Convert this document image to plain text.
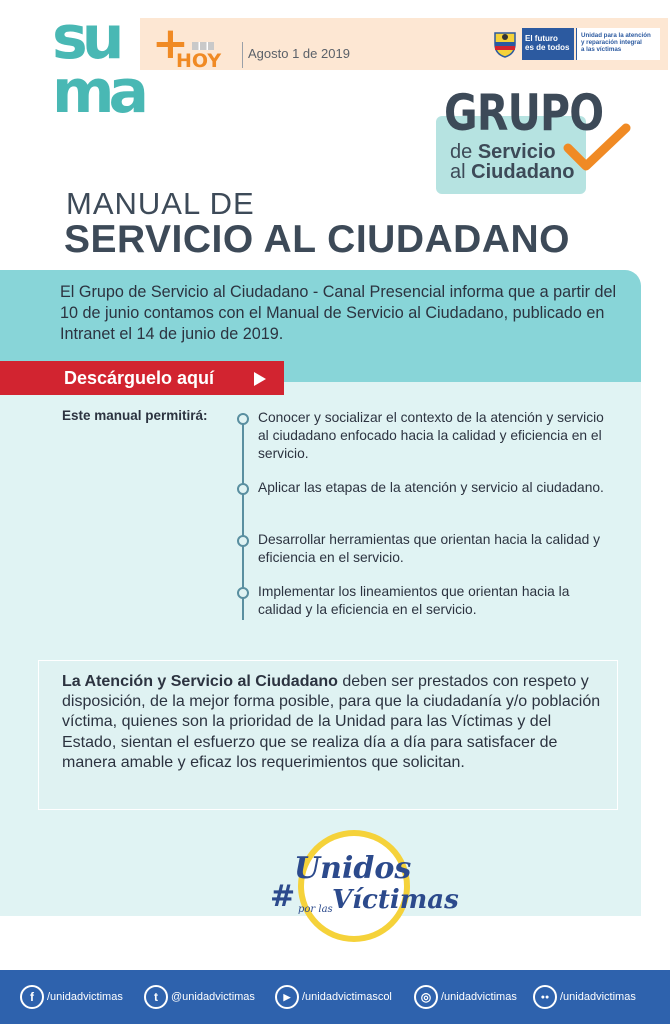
su
ma
+
HOY Agosto 1 de 2019
El futuro
es de todos
Unidad para la atención
y reparación integral
a las víctimas
GRUPO
de Servicio
al Ciudadano
MANUAL DE
SERVICIO AL CIUDADANO
El Grupo de Servicio al Ciudadano - Canal Presencial informa que a partir del 10 de junio contamos con el Manual de Servicio al Ciudadano, publicado en Intranet el 14 de junio de 2019.
Descárguelo aquí
Este manual permitirá:	Conocer y socializar el contexto de la atención y servicio al ciudadano enfocado hacia la calidad y eficiencia en el servicio.
Aplicar las etapas de la atención y servicio al ciudadano.
Desarrollar herramientas que orientan hacia la calidad y eficiencia en el servicio.
Implementar los lineamientos que orientan hacia la calidad y la eficiencia en el servicio.
La Atención y Servicio al Ciudadano deben ser prestados con respeto y disposición, de la mejor forma posible, para que la ciudadanía y/o población víctima, quienes son la prioridad de la Unidad para las Víctimas y del Estado, sientan el esfuerzo que se realiza día a día para satisfacer de manera amable y eficaz los requerimientos que solicitan.
#
Unidos
por las Víctimas
f	/unidadvictimas	t	@unidadvictimas	▶	/unidadvictimascol	◎ /unidadvictimas	●● /unidadvictimas
